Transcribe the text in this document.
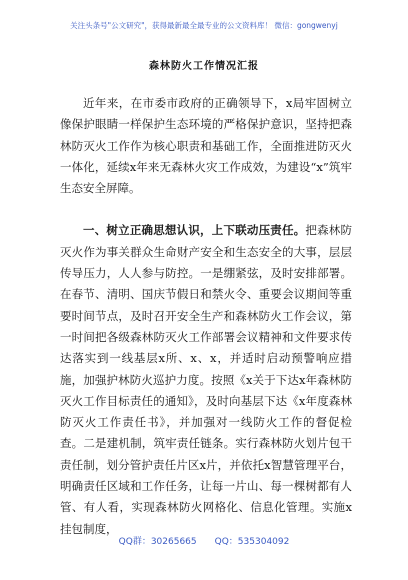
关注头条号"公文研究"，获得最新最全最专业的公文资料库！ 微信：gongwenyj
森林防火工作情况汇报

近年来，在市委市政府的正确领导下，x局牢固树立像保护眼睛一样保护生态环境的严格保护意识，坚持把森林防灭火工作作为核心职责和基础工作，全面推进防灭火一体化，延续x年来无森林火灾工作成效，为建设“x”筑牢生态安全屏障。

一、树立正确思想认识，上下联动压责任。把森林防灭火作为事关群众生命财产安全和生态安全的大事，层层传导压力，人人参与防控。一是绷紧弦，及时安排部署。在春节、清明、国庆节假日和禁火令、重要会议期间等重要时间节点，及时召开安全生产和森林防火工作会议，第一时间把各级森林防灭火工作部署会议精神和文件要求传达落实到一线基层x所、x、x，并适时启动预警响应措施，加强护林防火巡护力度。按照《x关于下达x年森林防灭火工作目标责任的通知》，及时向基层下达《x年度森林防灭火工作责任书》，并加强对一线防火工作的督促检查。二是建机制，筑牢责任链条。实行森林防火划片包干责任制，划分管护责任片区x片，并依托x智慧管理平台，明确责任区域和工作任务，让每一片山、每一棵树都有人管、有人看，实现森林防火网格化、信息化管理。实施x挂包制度，

QQ群：30265665 QQ：535304092
